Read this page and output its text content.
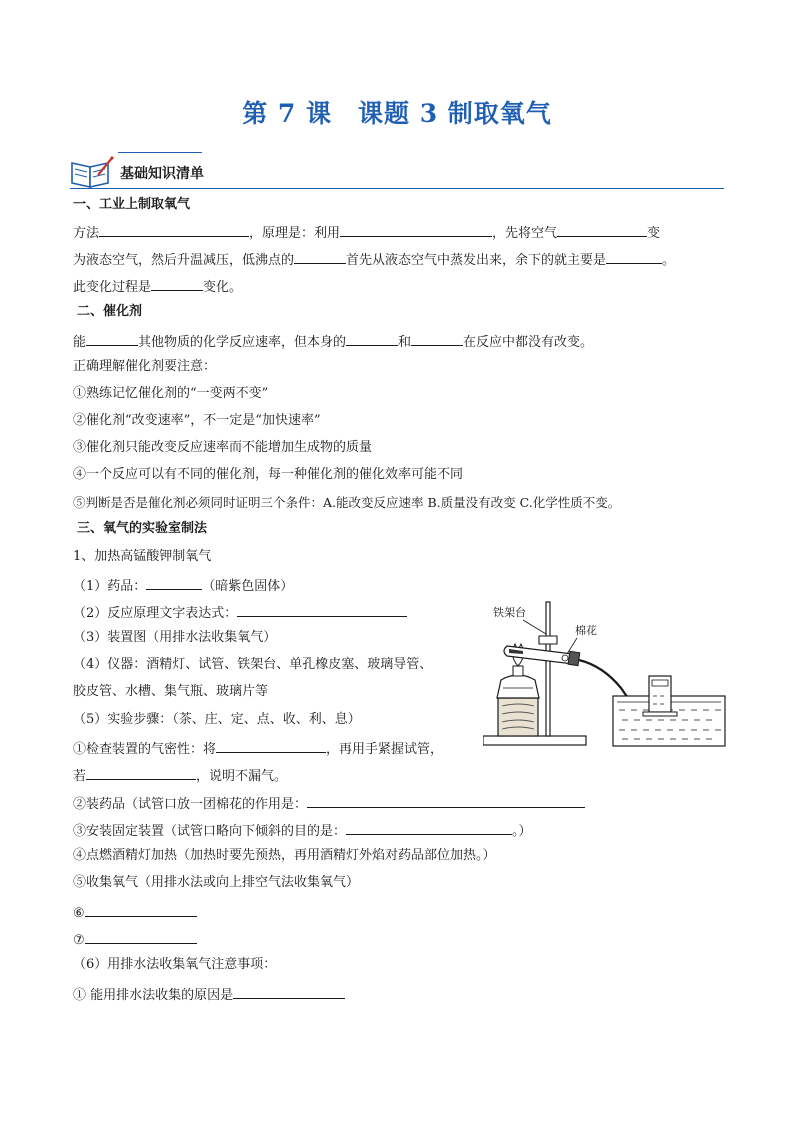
第 7 课　课题 3 制取氧气
基础知识清单
一、工业上制取氧气
方法	，原理是：利用	，先将空气	变
为液态空气，然后升温减压，低沸点的	首先从液态空气中蒸发出来，余下的就主要是	。
此变化过程是	变化。
二、催化剂
能	其他物质的化学反应速率，但本身的	和	在反应中都没有改变。
正确理解催化剂要注意：
①熟练记忆催化剂的“一变两不变”
②催化剂“改变速率”，不一定是“加快速率”
③催化剂只能改变反应速率而不能增加生成物的质量
④一个反应可以有不同的催化剂，每一种催化剂的催化效率可能不同
⑤判断是否是催化剂必须同时证明三个条件：A.能改变反应速率 B.质量没有改变 C.化学性质不变。
三、氧气的实验室制法
1、加热高锰酸钾制氧气
（1）药品：	（暗紫色固体）
（2）反应原理文字表达式：
（3）装置图（用排水法收集氧气）
（4）仪器：酒精灯、试管、铁架台、单孔橡皮塞、玻璃导管、
胶皮管、水槽、集气瓶、玻璃片等
（5）实验步骤：（茶、庄、定、点、收、利、息）
①检查装置的气密性：将	，再用手紧握试管，
若	，说明不漏气。
②装药品（试管口放一团棉花的作用是：
③安装固定装置（试管口略向下倾斜的目的是：	。）
④点燃酒精灯加热（加热时要先预热，再用酒精灯外焰对药品部位加热。）
⑤收集氧气（用排水法或向上排空气法收集氧气）
⑥
⑦
（6）用排水法收集氧气注意事项：
① 能用排水法收集的原因是
铁架台
棉花
